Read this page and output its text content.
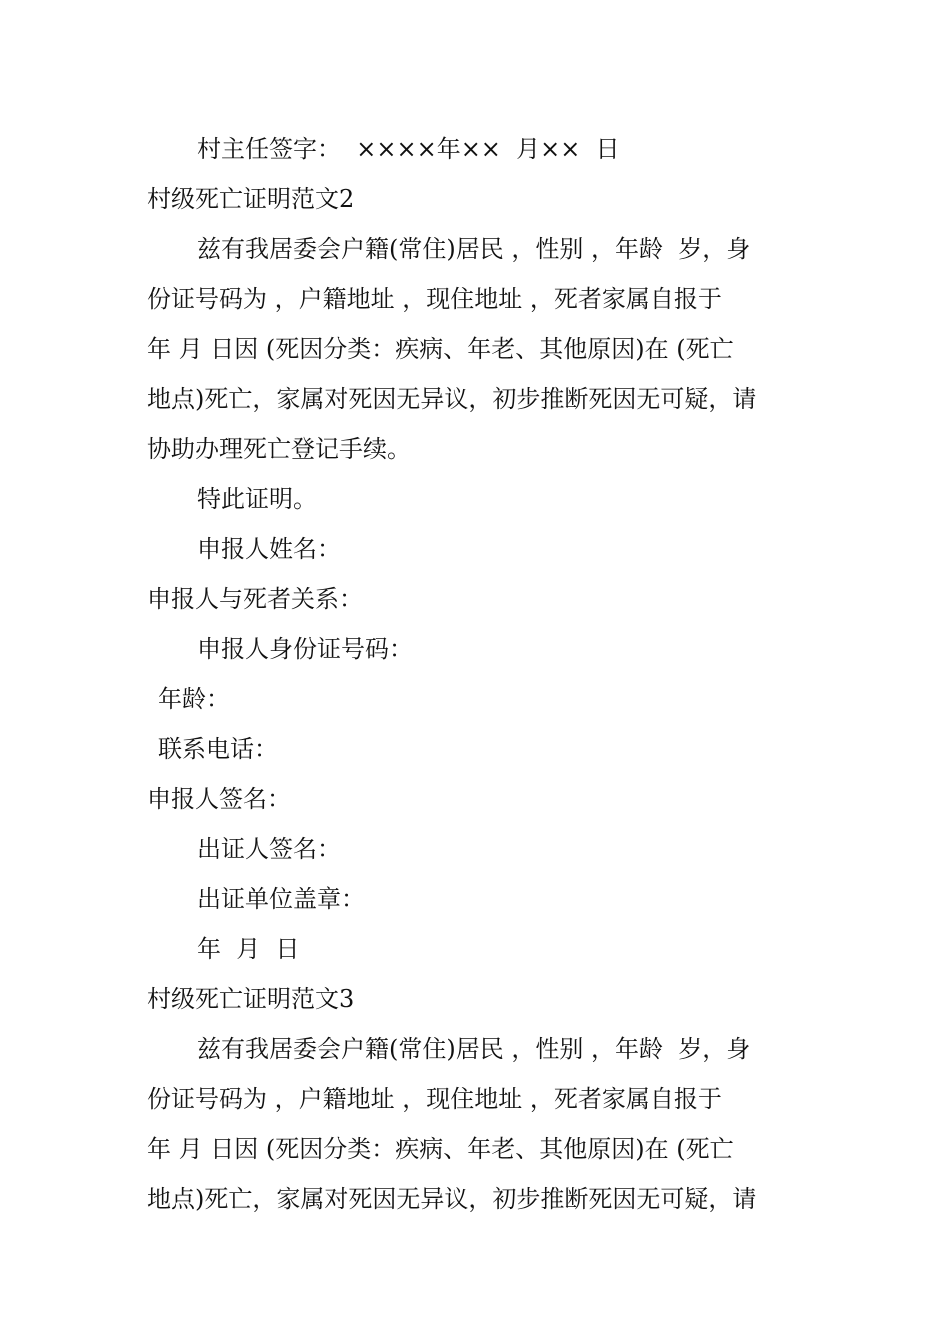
村主任签字：  ××××年××  月××  日
村级死亡证明范文2
兹有我居委会户籍(常住)居民 ，性别 ，年龄  岁，身
份证号码为 ，户籍地址 ，现住地址 ，死者家属自报于
年 月 日因 (死因分类：疾病、年老、其他原因)在 (死亡
地点)死亡，家属对死因无异议，初步推断死因无可疑，请
协助办理死亡登记手续。
特此证明。
申报人姓名：
申报人与死者关系：
申报人身份证号码：
年龄：
联系电话：
申报人签名：
出证人签名：
出证单位盖章：
年  月  日
村级死亡证明范文3
兹有我居委会户籍(常住)居民 ，性别 ，年龄  岁，身
份证号码为 ，户籍地址 ，现住地址 ，死者家属自报于
年 月 日因 (死因分类：疾病、年老、其他原因)在 (死亡
地点)死亡，家属对死因无异议，初步推断死因无可疑，请
